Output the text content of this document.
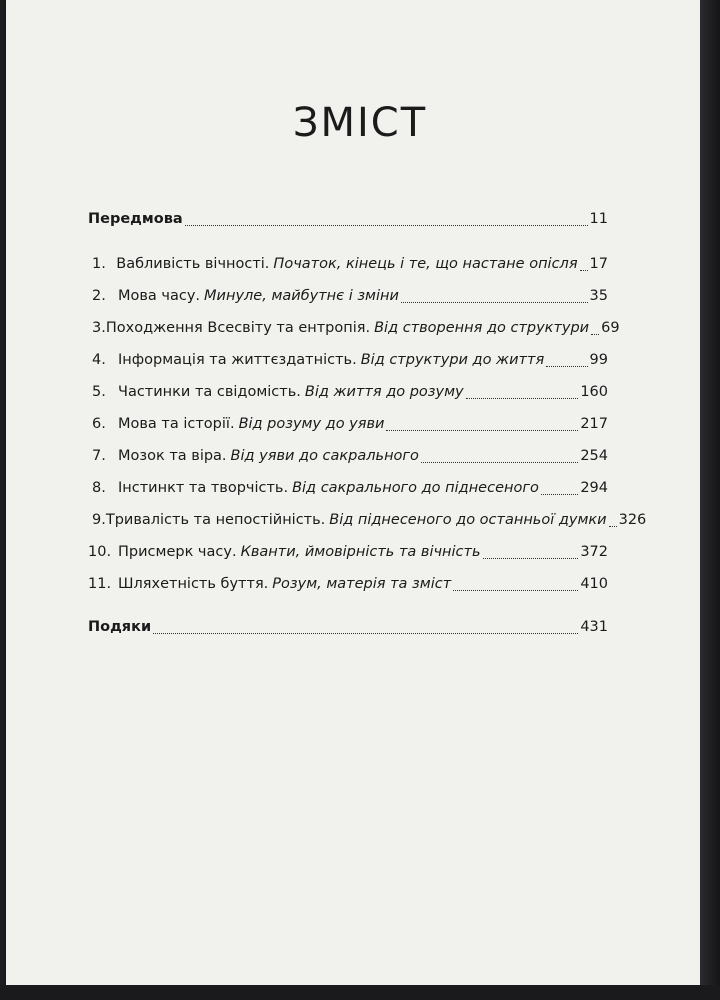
ЗМІСТ
Передмова	11
1. Вабливість вічності. Початок, кінець і те, що настане опісля 17
2. Мова часу. Минуле, майбутнє і зміни	35
3. Походження Всесвіту та ентропія. Від створення до структури 69
4. Інформація та життєздатність. Від структури до життя	99
5. Частинки та свідомість. Від життя до розуму	160
6. Мова та історії. Від розуму до уяви	217
7. Мозок та віра. Від уяви до сакрального	254
8. Інстинкт та творчість. Від сакрального до піднесеного	294
9. Тривалість та непостійність. Від піднесеного до останньої думки 326
10. Присмерк часу. Кванти, ймовірність та вічність	372
11. Шляхетність буття. Розум, матерія та зміст	410
Подяки	431
